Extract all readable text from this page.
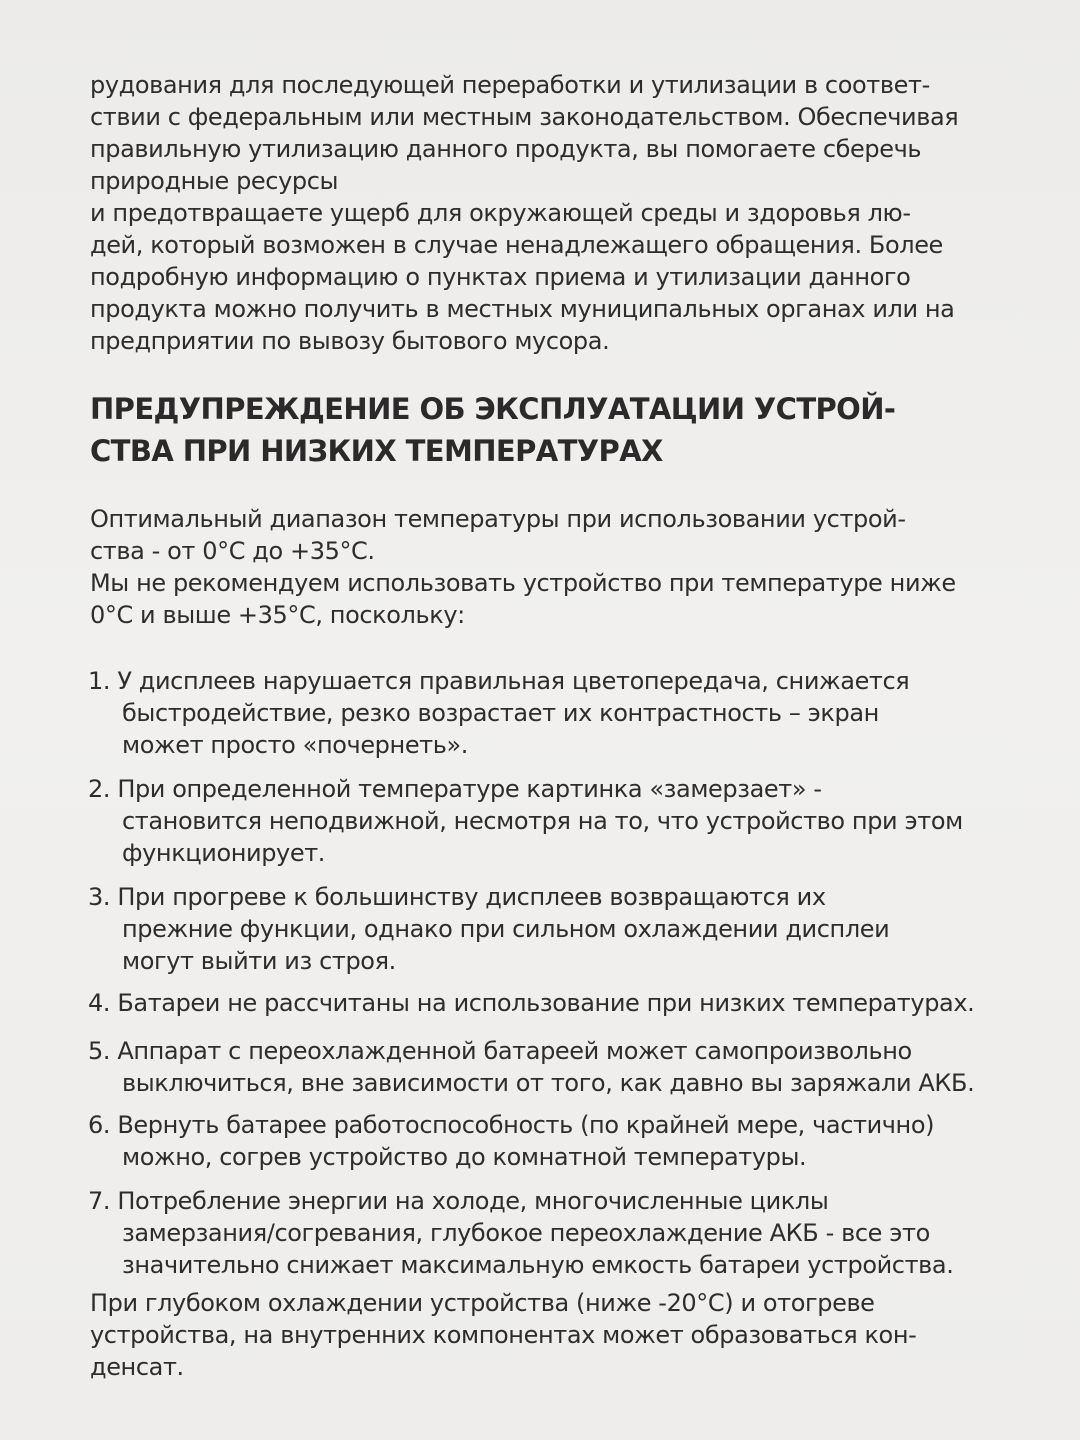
рудования для последующей переработки и утилизации в соответ-
ствии с федеральным или местным законодательством. Обеспечивая
правильную утилизацию данного продукта, вы помогаете сберечь
природные ресурсы
и предотвращаете ущерб для окружающей среды и здоровья лю-
дей, который возможен в случае ненадлежащего обращения. Более
подробную информацию о пунктах приема и утилизации данного
продукта можно получить в местных муниципальных органах или на
предприятии по вывозу бытового мусора.
ПРЕДУПРЕЖДЕНИЕ ОБ ЭКСПЛУАТАЦИИ УСТРОЙ-
СТВА ПРИ НИЗКИХ ТЕМПЕРАТУРАХ
Оптимальный диапазон температуры при использовании устрой-
ства - от 0°С до +35°С.
Мы не рекомендуем использовать устройство при температуре ниже
0°С и выше +35°С, поскольку:
1. У дисплеев нарушается правильная цветопередача, снижается
быстродействие, резко возрастает их контрастность – экран
может просто «почернеть».
2. При определенной температуре картинка «замерзает» -
становится неподвижной, несмотря на то, что устройство при этом
функционирует.
3. При прогреве к большинству дисплеев возвращаются их
прежние функции, однако при сильном охлаждении дисплеи
могут выйти из строя.
4. Батареи не рассчитаны на использование при низких температурах.
5. Аппарат с переохлажденной батареей может самопроизвольно
выключиться, вне зависимости от того, как давно вы заряжали АКБ.
6. Вернуть батарее работоспособность (по крайней мере, частично)
можно, согрев устройство до комнатной температуры.
7. Потребление энергии на холоде, многочисленные циклы
замерзания/согревания, глубокое переохлаждение АКБ - все это
значительно снижает максимальную емкость батареи устройства.
При глубоком охлаждении устройства (ниже -20°С) и отогреве
устройства, на внутренних компонентах может образоваться кон-
денсат.
